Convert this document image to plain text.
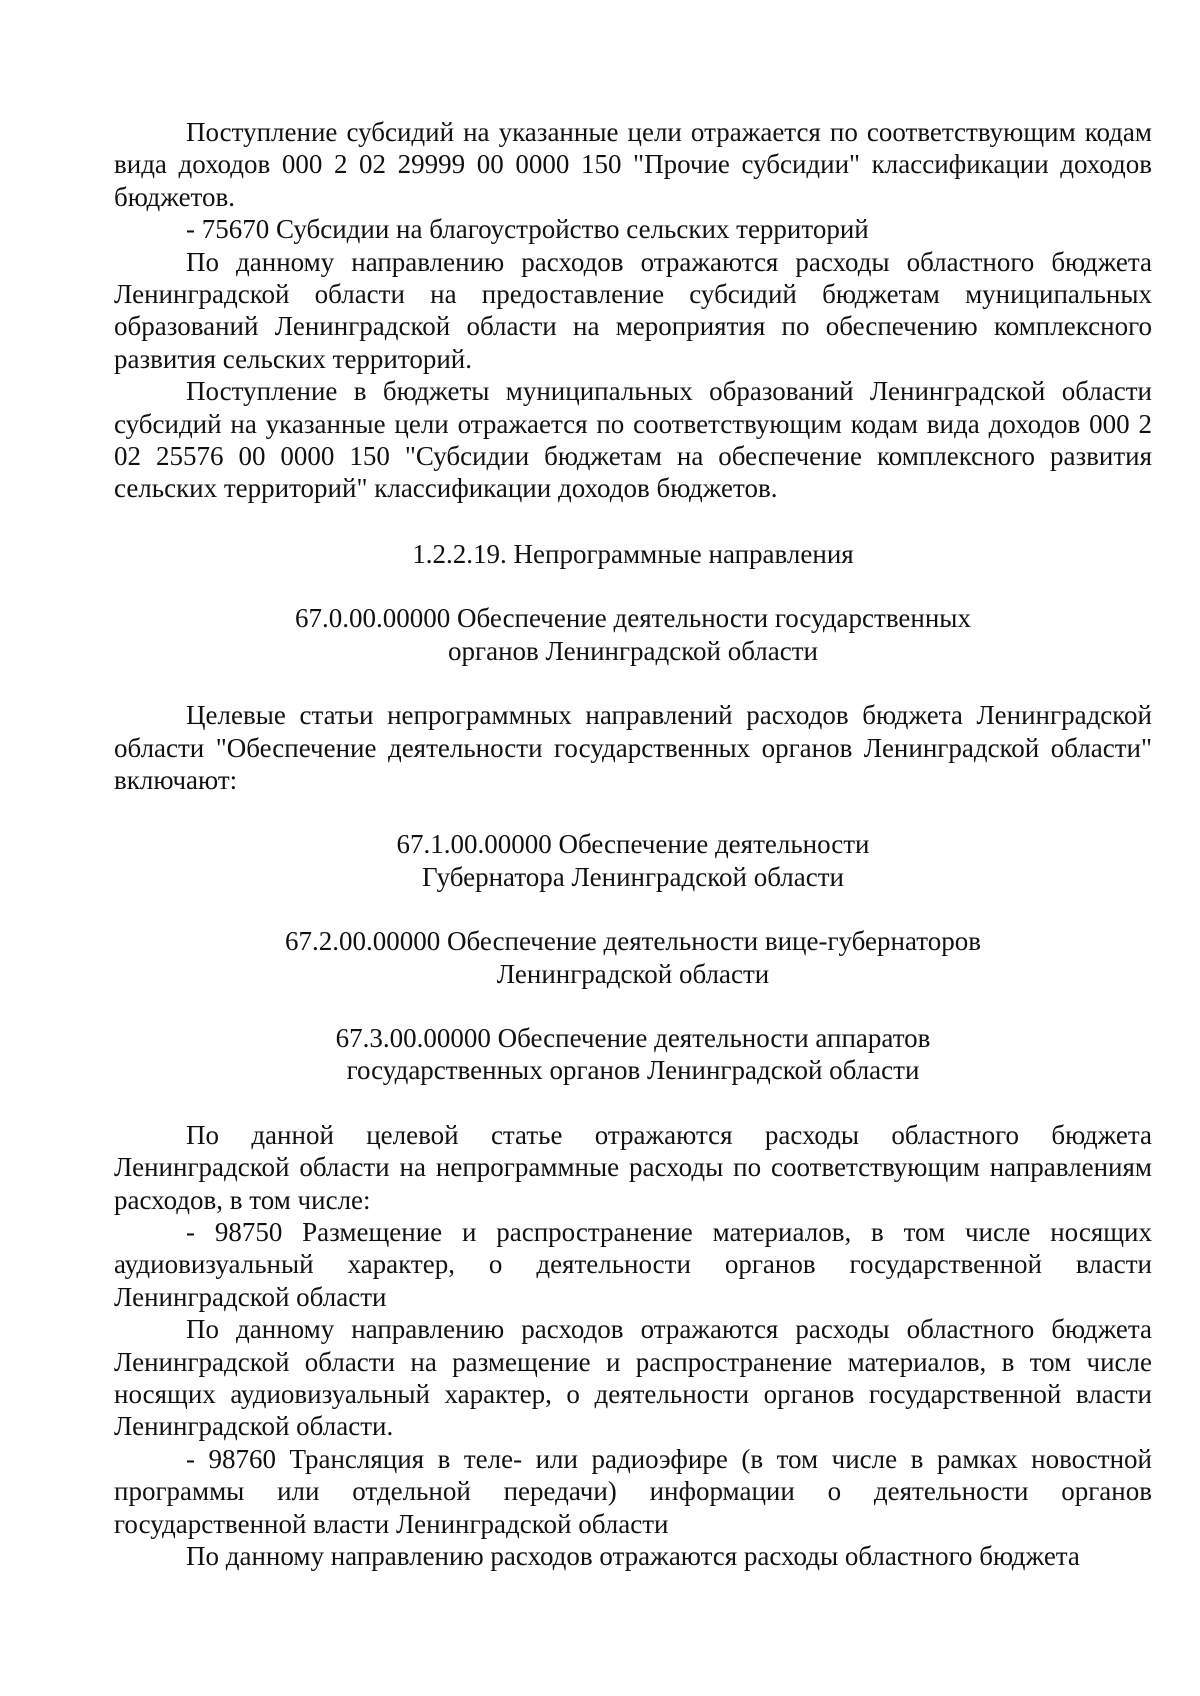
Поступление субсидий на указанные цели отражается по соответствующим кодам вида доходов 000 2 02 29999 00 0000 150 "Прочие субсидии" классификации доходов бюджетов.

- 75670 Субсидии на благоустройство сельских территорий

По данному направлению расходов отражаются расходы областного бюджета Ленинградской области на предоставление субсидий бюджетам муниципальных образований Ленинградской области на мероприятия по обеспечению комплексного развития сельских территорий.

Поступление в бюджеты муниципальных образований Ленинградской области субсидий на указанные цели отражается по соответствующим кодам вида доходов 000 2 02 25576 00 0000 150 "Субсидии бюджетам на обеспечение комплексного развития сельских территорий" классификации доходов бюджетов.

1.2.2.19. Непрограммные направления
67.0.00.00000 Обеспечение деятельности государственных
органов Ленинградской области

Целевые статьи непрограммных направлений расходов бюджета Ленинградской области "Обеспечение деятельности государственных органов Ленинградской области" включают:

67.1.00.00000 Обеспечение деятельности
Губернатора Ленинградской области
67.2.00.00000 Обеспечение деятельности вице-губернаторов
Ленинградской области
67.3.00.00000 Обеспечение деятельности аппаратов
государственных органов Ленинградской области

По данной целевой статье отражаются расходы областного бюджета Ленинградской области на непрограммные расходы по соответствующим направлениям расходов, в том числе:

- 98750 Размещение и распространение материалов, в том числе носящих аудиовизуальный характер, о деятельности органов государственной власти Ленинградской области

По данному направлению расходов отражаются расходы областного бюджета Ленинградской области на размещение и распространение материалов, в том числе носящих аудиовизуальный характер, о деятельности органов государственной власти Ленинградской области.

- 98760 Трансляция в теле- или радиоэфире (в том числе в рамках новостной программы или отдельной передачи) информации о деятельности органов государственной власти Ленинградской области

По данному направлению расходов отражаются расходы областного бюджета
